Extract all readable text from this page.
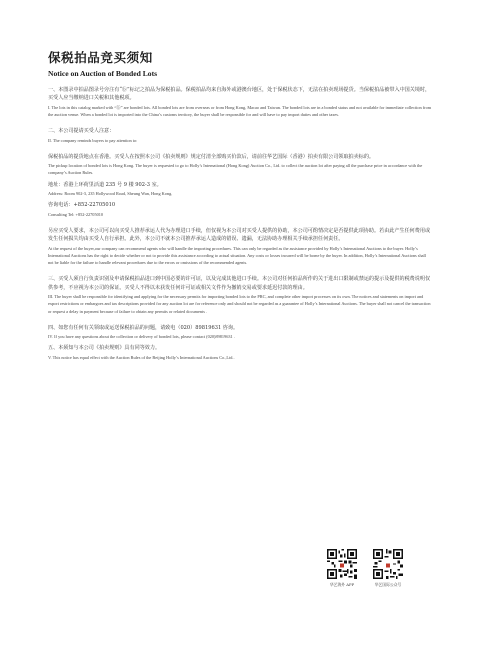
保税拍品竞买须知
Notice on Auction of Bonded Lots

一、本图录中拍品图录号旁注有“ⓑ”标记之拍品为保税拍品。保税拍品均来自海外或港澳台地区，处于保税状态下，无法在拍卖现场提货。当保税拍品被带入中国关境时，买受人应当缴纳进口关税和其他税项。

I. The lots in this catalog marked with “ⓑ” are bonded lots. All bonded lots are from overseas or from Hong Kong, Macao and Taiwan. The bonded lots are in a bonded status and not available for immediate collection from the auction venue. When a bonded lot is imported into the China’s customs territory, the buyer shall be responsible for and will have to pay import duties and other taxes.

二、本公司提请买受人注意：

II. The company reminds buyers to pay attention to:

保税拍品的提货地点在香港。买受人在按照本公司《拍卖规则》规定付清全部购买价款后，请前往华艺国际（香港）拍卖有限公司领取拍卖标的。

The pickup location of bonded lots is Hong Kong. The buyer is requested to go to Holly’s International (Hong Kong) Auction Co., Ltd. to collect the auction lot after paying all the purchase price in accordance with the company’s Auction Rules.

地址：香港上环荷里活道 235 号 9 楼 902-3 室。

Address: Room 902-3, 235 Hollywood Road, Sheung Wan, Hong Kong.

咨询电话：+852-22705010

Consulting Tel: +852-22705010

另应买受人要求，本公司可以向买受人推荐承运人代为办理进口手续，但仅视为本公司对买受人提供的协助，本公司可酌情决定是否提供此项协助。若由此产生任何费用或发生任何损失均由买受人自行承担。此外，本公司不就本公司推荐承运人造成的错误、遗漏，无法协助办理相关手续承担任何责任。

At the request of the buyer,our company can recommend agents who will handle the importing procedures. This can only be regarded as the assistance provided by Holly’s International Auctions to the buyer. Holly’s International Auctions has the right to decide whether or not to provide this assistance according to actual situation. Any costs or losses incurred will be borne by the buyer. In addition, Holly’s International Auctions shall not be liable for the failure to handle relevant procedures due to the errors or omissions of the recommended agents.

三、买受人须自行负责识别及申请保税拍品进口到中国必要的许可证，以及完成其他进口手续。本公司对任何拍品所作的关于进出口限制或禁运的提示及提供的税费说明仅供参考，不应视为本公司的保证。买受人不得以未获发任何许可证或相关文件作为撤销交易或要求延迟付款的理由。

III. The buyer shall be responsible for identifying and applying for the necessary permits for importing bonded lots to the PRC, and complete other import processes on its own. The notices and statements on import and export restrictions or embargoes and tax descriptions provided for any auction lot are for reference only and should not be regarded as a guarantee of Holly’s International Auctions. The buyer shall not cancel the transaction or request a delay in payment because of failure to obtain any permits or related documents .

四、如您有任何有关领取或运送保税拍品的问题，请致电（020）89819631 咨询。

IV. If you have any questions about the collection or delivery of bonded lots, please contact (020)89819631 .

五、本须知与本公司《拍卖规则》具有同等效力。

V. This notice has equal effect with the Auction Rules of the Beijing Holly’s International Auctions Co.,Ltd..

华艺海外 APP	华艺国际公众号
